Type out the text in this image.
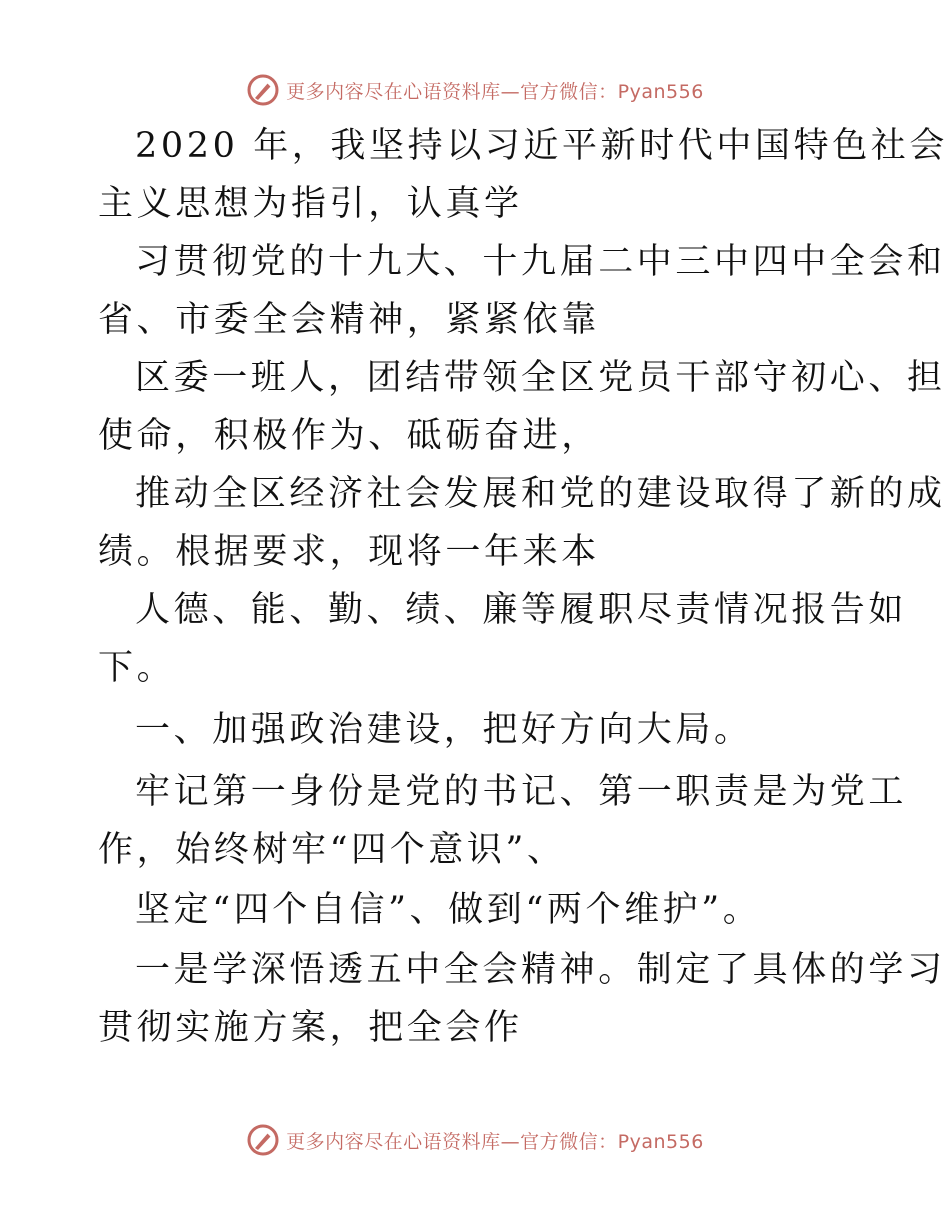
更多内容尽在心语资料库—官方微信：Pyan556
2020 年，我坚持以习近平新时代中国特色社会
主义思想为指引，认真学
习贯彻党的十九大、十九届二中三中四中全会和
省、市委全会精神，紧紧依靠
区委一班人，团结带领全区党员干部守初心、担
使命，积极作为、砥砺奋进，
推动全区经济社会发展和党的建设取得了新的成
绩。根据要求，现将一年来本
人德、能、勤、绩、廉等履职尽责情况报告如
下。
一、加强政治建设，把好方向大局。
牢记第一身份是党的书记、第一职责是为党工
作，始终树牢“四个意识”、
坚定“四个自信”、做到“两个维护”。
一是学深悟透五中全会精神。制定了具体的学习
贯彻实施方案，把全会作
更多内容尽在心语资料库—官方微信：Pyan556
